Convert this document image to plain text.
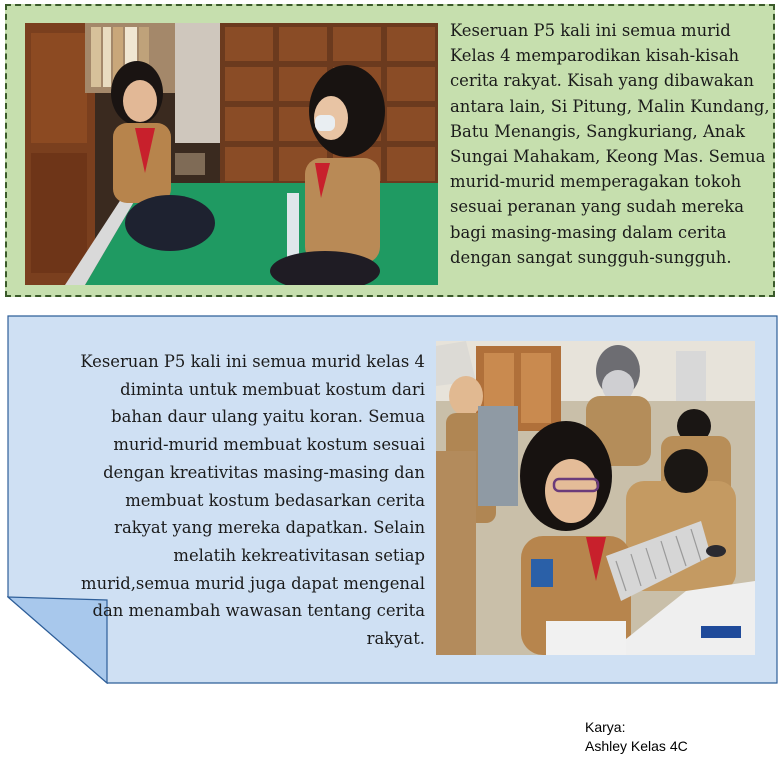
Keseruan P5 kali ini semua murid Kelas 4 memparodikan kisah-kisah cerita rakyat. Kisah yang dibawakan antara lain, Si Pitung, Malin Kundang, Batu Menangis, Sangkuriang, Anak Sungai Mahakam, Keong Mas. Semua murid-murid memperagakan tokoh sesuai peranan yang sudah mereka bagi masing-masing dalam cerita dengan sangat sungguh-sungguh.

Keseruan P5 kali ini semua murid kelas 4 diminta untuk membuat kostum dari bahan daur ulang yaitu koran. Semua murid-murid membuat kostum sesuai dengan kreativitas masing-masing dan membuat kostum bedasarkan cerita rakyat yang mereka dapatkan. Selain melatih kekreativitasan setiap murid,semua murid juga dapat mengenal dan menambah wawasan tentang cerita rakyat.

Karya:
Ashley Kelas 4C
